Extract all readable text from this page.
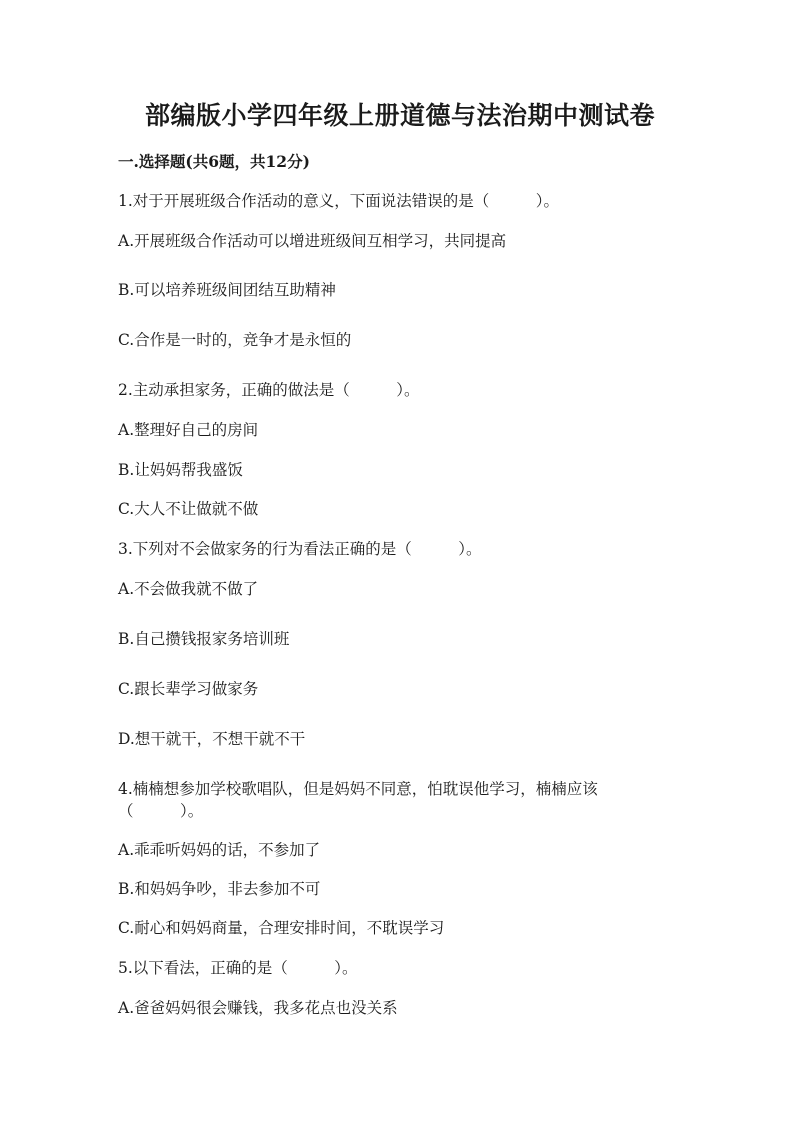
部编版小学四年级上册道德与法治期中测试卷
一.选择题(共6题，共12分)
1.对于开展班级合作活动的意义，下面说法错误的是（　　　）。
A.开展班级合作活动可以增进班级间互相学习，共同提高
B.可以培养班级间团结互助精神
C.合作是一时的，竞争才是永恒的
2.主动承担家务，正确的做法是（　　　）。
A.整理好自己的房间
B.让妈妈帮我盛饭
C.大人不让做就不做
3.下列对不会做家务的行为看法正确的是（　　　）。
A.不会做我就不做了
B.自己攒钱报家务培训班
C.跟长辈学习做家务
D.想干就干，不想干就不干
4.楠楠想参加学校歌唱队，但是妈妈不同意，怕耽误他学习，楠楠应该
（　　　）。
A.乖乖听妈妈的话，不参加了
B.和妈妈争吵，非去参加不可
C.耐心和妈妈商量，合理安排时间，不耽误学习
5.以下看法，正确的是（　　　）。
A.爸爸妈妈很会赚钱，我多花点也没关系
